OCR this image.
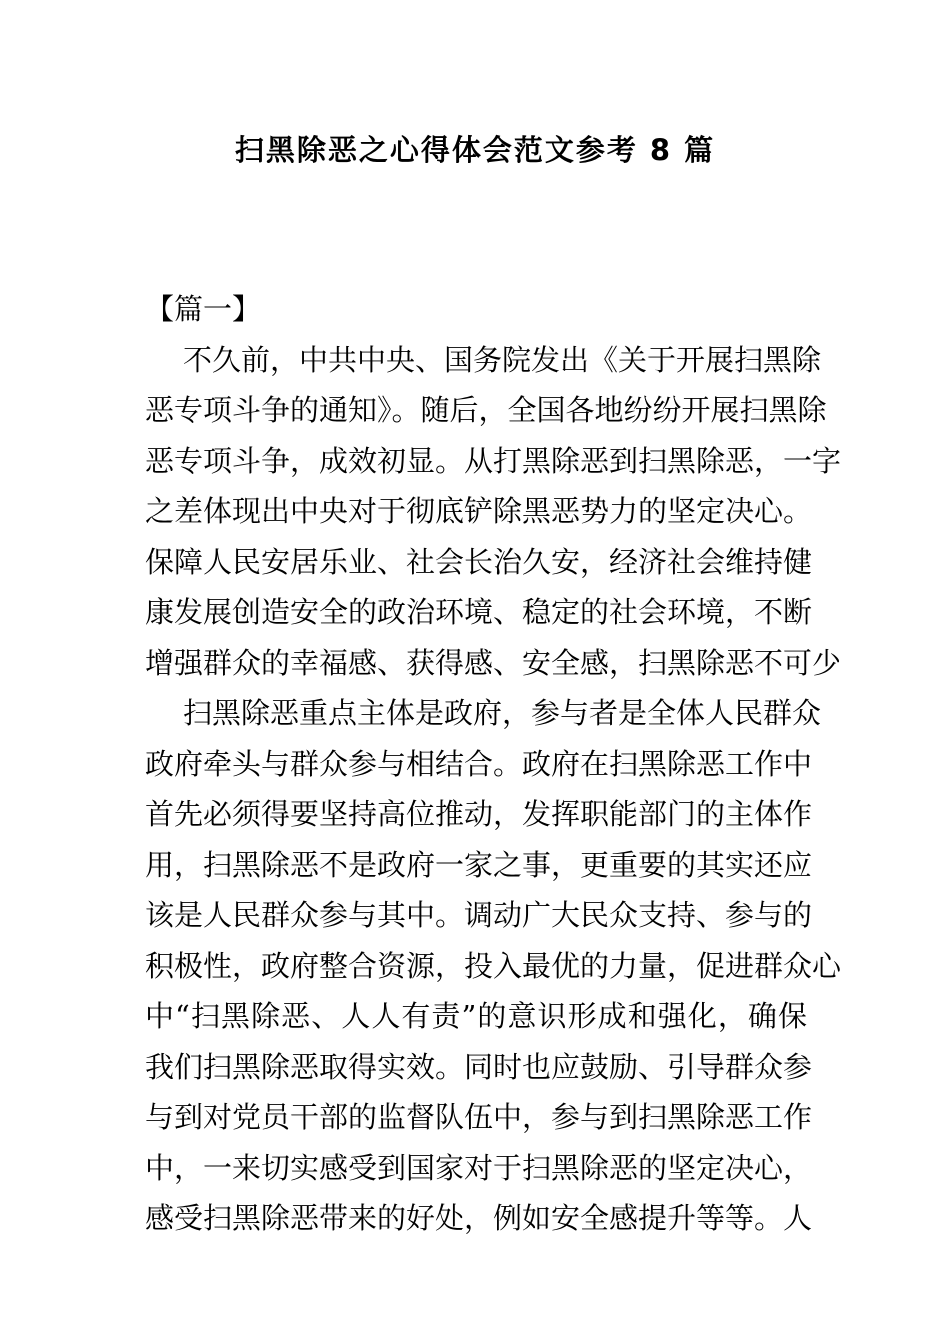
扫黑除恶之心得体会范文参考 8 篇
【篇一】
不久前，中共中央、国务院发出《关于开展扫黑除
恶专项斗争的通知》。随后，全国各地纷纷开展扫黑除
恶专项斗争，成效初显。从打黑除恶到扫黑除恶，一字
之差体现出中央对于彻底铲除黑恶势力的坚定决心。
保障人民安居乐业、社会长治久安，经济社会维持健
康发展创造安全的政治环境、稳定的社会环境，不断
增强群众的幸福感、获得感、安全感，扫黑除恶不可少
扫黑除恶重点主体是政府，参与者是全体人民群众
政府牵头与群众参与相结合。政府在扫黑除恶工作中
首先必须得要坚持高位推动，发挥职能部门的主体作
用，扫黑除恶不是政府一家之事，更重要的其实还应
该是人民群众参与其中。调动广大民众支持、参与的
积极性，政府整合资源，投入最优的力量，促进群众心
中“扫黑除恶、人人有责”的意识形成和强化，确保
我们扫黑除恶取得实效。同时也应鼓励、引导群众参
与到对党员干部的监督队伍中，参与到扫黑除恶工作
中，一来切实感受到国家对于扫黑除恶的坚定决心，
感受扫黑除恶带来的好处，例如安全感提升等等。人
